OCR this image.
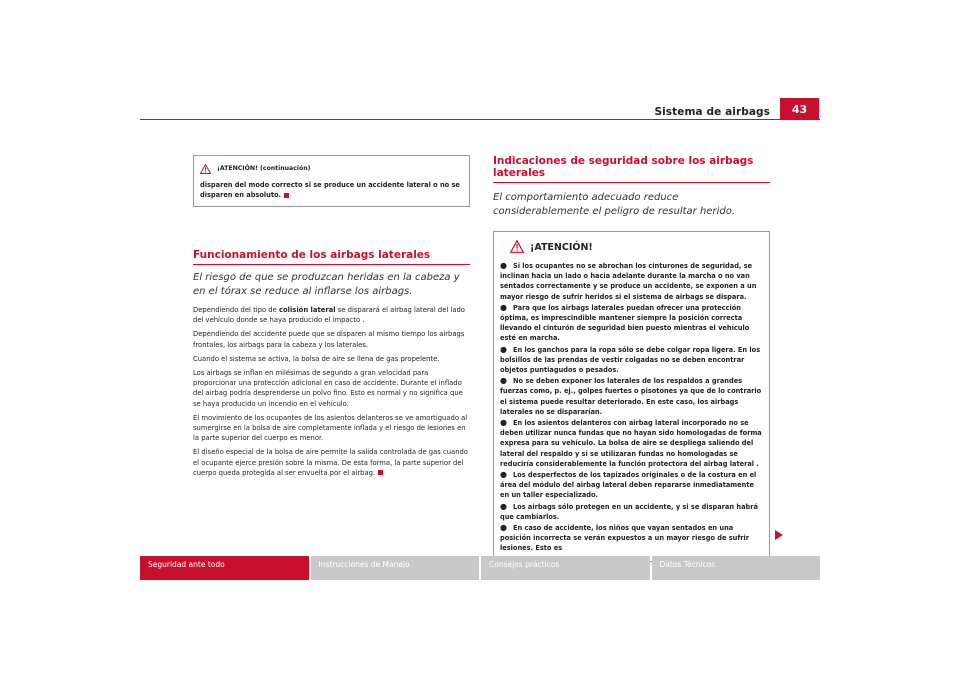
Sistema de airbags	43
¡ATENCIÓN! (continuación)
disparen del modo correcto si se produce un accidente lateral o no se disparen en absoluto.
Funcionamiento de los airbags laterales
El riesgo de que se produzcan heridas en la cabeza y en el tórax se reduce al inflarse los airbags.

Dependiendo del tipo de colisión lateral se disparará el airbag lateral del lado del vehículo donde se haya producido el impacto .

Dependiendo del accidente puede que se disparen al mismo tiempo los airbags frontales, los airbags para la cabeza y los laterales.

Cuando el sistema se activa, la bolsa de aire se llena de gas propelente.

Los airbags se inflan en milésimas de segundo a gran velocidad para proporcionar una protección adicional en caso de accidente. Durante el inflado del airbag podría desprenderse un polvo fino. Esto es normal y no significa que se haya producido un incendio en el vehículo.

El movimiento de los ocupantes de los asientos delanteros se ve amortiguado al sumergirse en la bolsa de aire completamente inflada y el riesgo de lesiones en la parte superior del cuerpo es menor.

El diseño especial de la bolsa de aire permite la salida controlada de gas cuando el ocupante ejerce presión sobre la misma. De esta forma, la parte superior del cuerpo queda protegida al ser envuelta por el airbag.

Indicaciones de seguridad sobre los airbags laterales
El comportamiento adecuado reduce considerablemente el peligro de resultar herido.
¡ATENCIÓN!
● Si los ocupantes no se abrochan los cinturones de seguridad, se inclinan hacia un lado o hacia adelante durante la marcha o no van sentados correctamente y se produce un accidente, se exponen a un mayor riesgo de sufrir heridos si el sistema de airbags se dispara.
● Para que los airbags laterales puedan ofrecer una protección óptima, es imprescindible mantener siempre la posición correcta llevando el cinturón de seguridad bien puesto mientras el vehículo esté en marcha.
● En los ganchos para la ropa sólo se debe colgar ropa ligera. En los bolsillos de las prendas de vestir colgadas no se deben encontrar objetos puntiagudos o pesados.
● No se deben exponer los laterales de los respaldos a grandes fuerzas como, p. ej., golpes fuertes o pisotones ya que de lo contrario el sistema puede resultar deteriorado. En este caso, los airbags laterales no se dispararían.
● En los asientos delanteros con airbag lateral incorporado no se deben utilizar nunca fundas que no hayan sido homologadas de forma expresa para su vehículo. La bolsa de aire se despliega saliendo del lateral del respaldo y si se utilizaran fundas no homologadas se reduciría considerablemente la función protectora del airbag lateral .
● Los desperfectos de los tapizados originales o de la costura en el área del módulo del airbag lateral deben repararse inmediatamente en un taller especializado.
● Los airbags sólo protegen en un accidente, y si se disparan habrá que cambiarlos.
● En caso de accidente, los niños que vayan sentados en una posición incorrecta se verán expuestos a un mayor riesgo de sufrir lesiones. Esto es
Seguridad ante todo	Instrucciones de Manejo	Consejos prácticos	Datos Técnicos
